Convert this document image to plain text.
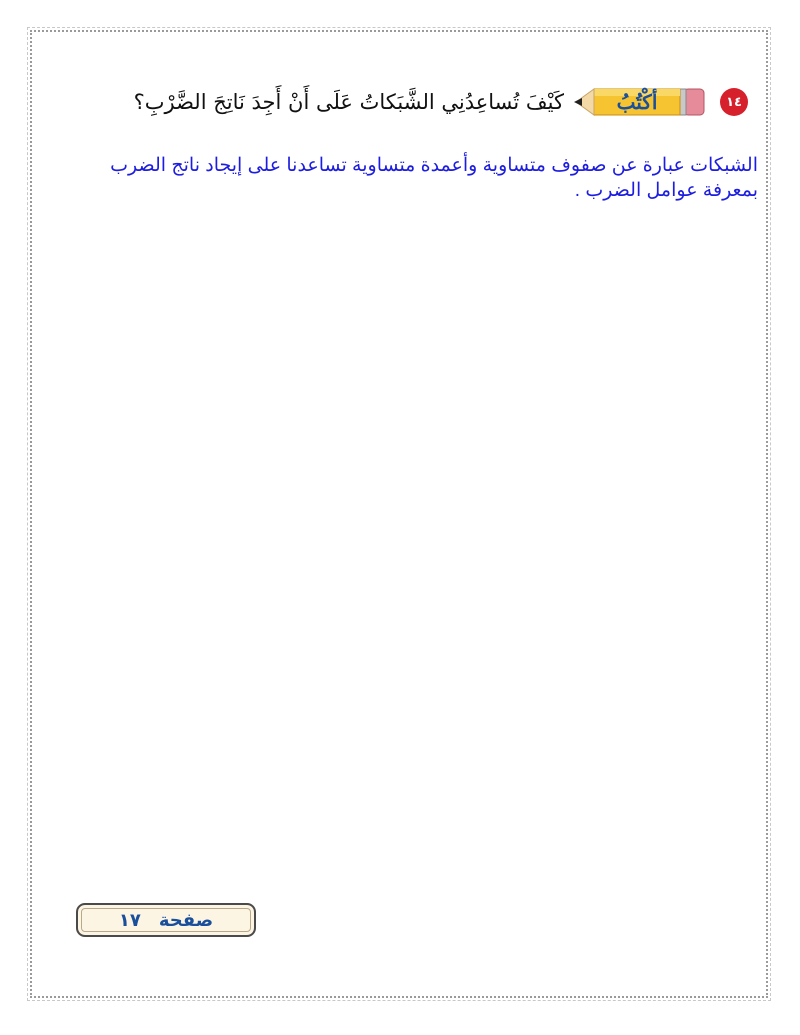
١٤
أكْتُبُ
كَيْفَ تُساعِدُنِي الشَّبَكاتُ عَلَى أَنْ أَجِدَ نَاتِجَ الضَّرْبِ؟

الشبكات عبارة عن صفوف متساوية وأعمدة متساوية تساعدنا على إيجاد ناتج الضرب

بمعرفة عوامل الضرب .

صفحة
١٧
